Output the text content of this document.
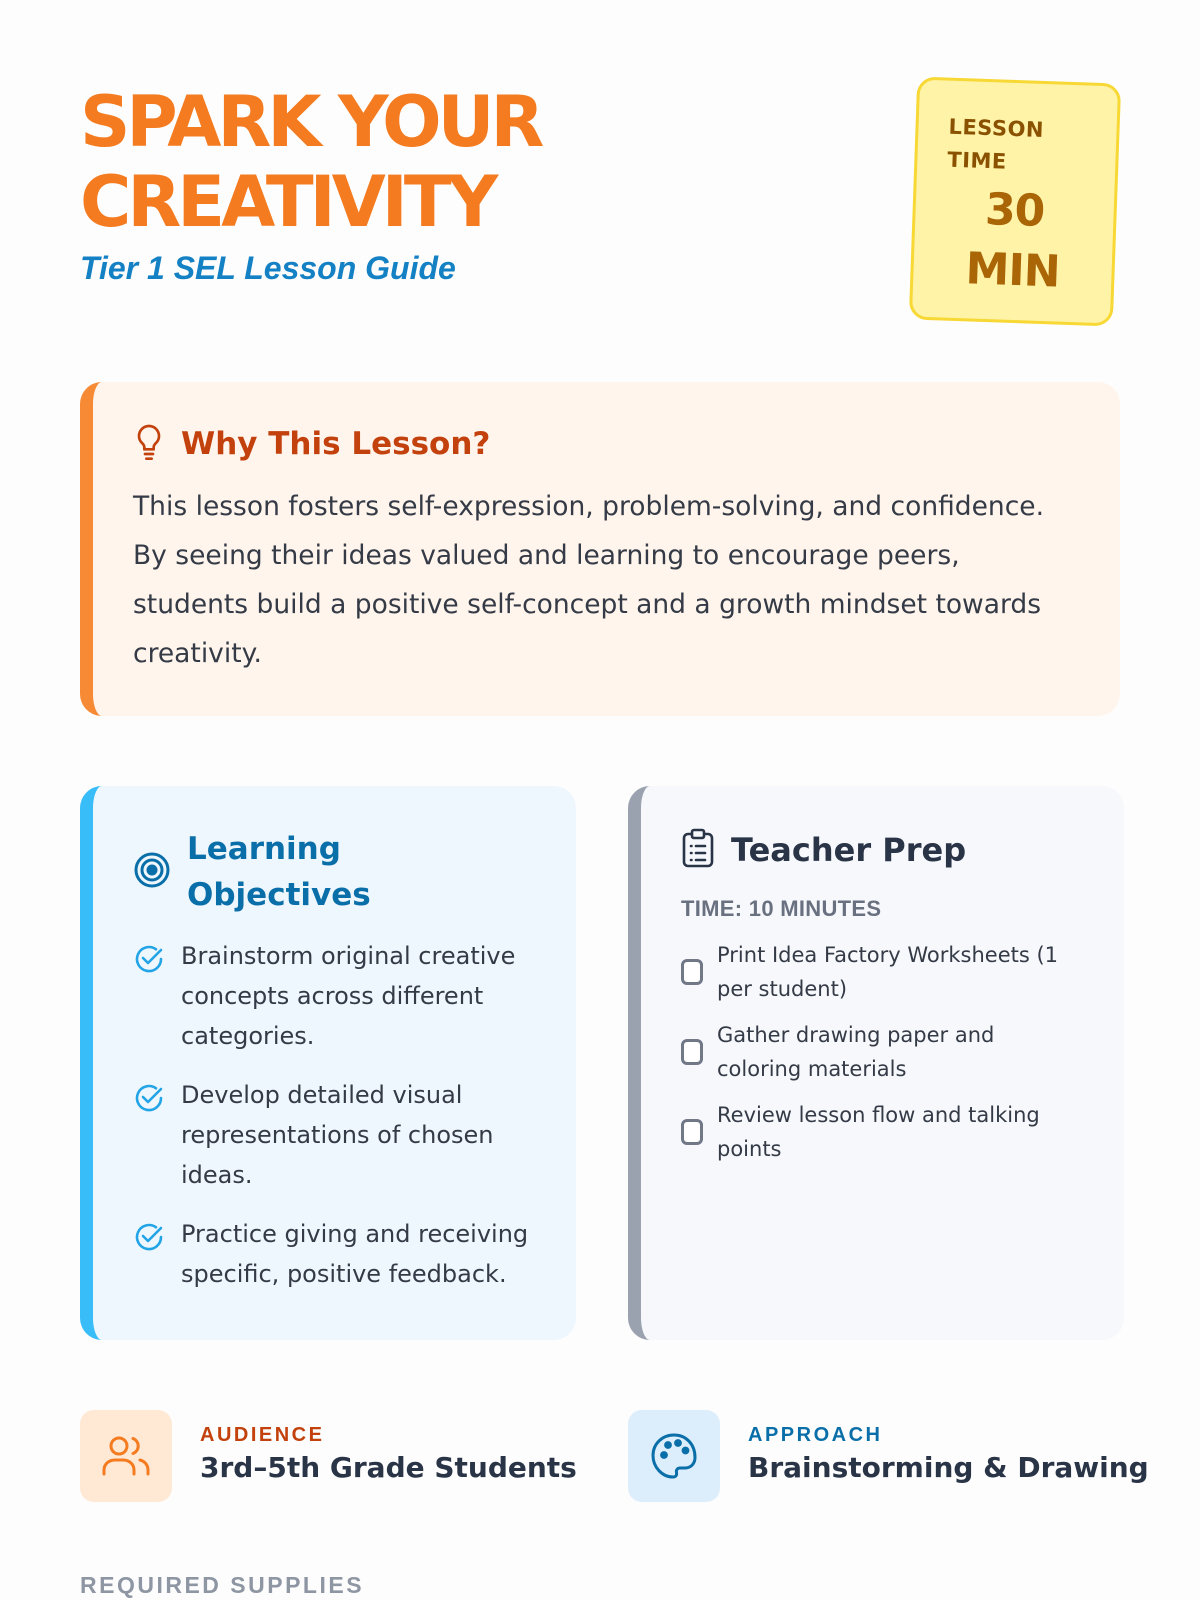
SPARK YOUR
CREATIVITY
Tier 1 SEL Lesson Guide
LESSON
TIME
30
MIN
Why This Lesson?

This lesson fosters self-expression, problem-solving, and confidence. By seeing their ideas valued and learning to encourage peers, students build a positive self-concept and a growth mindset towards creativity.

Learning Objectives
Brainstorm original creative concepts across different categories.
Develop detailed visual representations of chosen ideas.
Practice giving and receiving specific, positive feedback.
Teacher Prep
TIME: 10 MINUTES
Print Idea Factory Worksheets (1 per student)
Gather drawing paper and coloring materials
Review lesson flow and talking points
AUDIENCE
3rd–5th Grade Students
APPROACH
Brainstorming & Drawing
REQUIRED SUPPLIES
